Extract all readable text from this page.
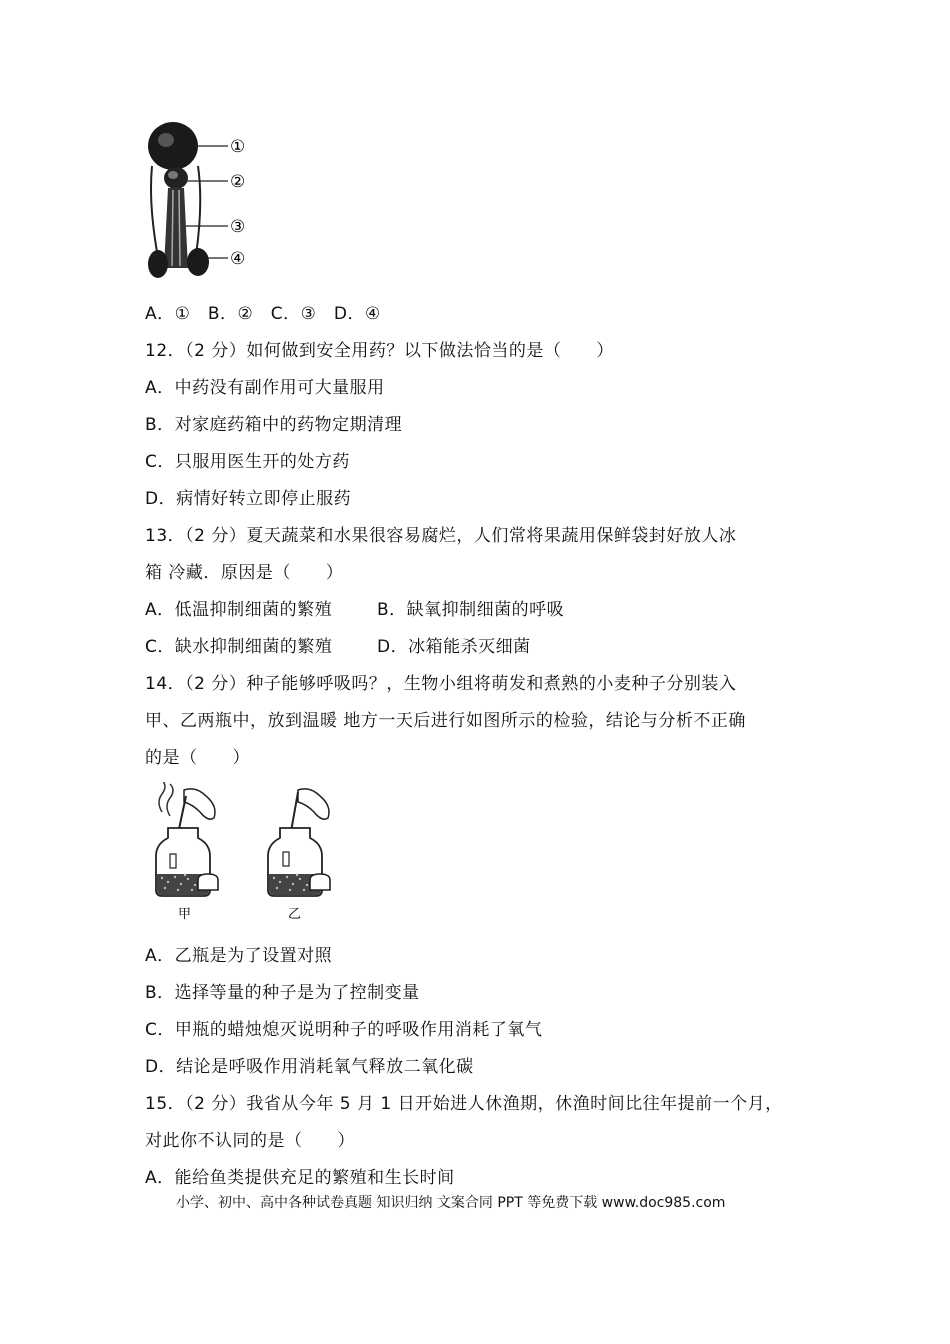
①
②
③
④
A．①　B．②　C．③　D．④
12．（2 分）如何做到安全用药？以下做法恰当的是（　　）
A．中药没有副作用可大量服用
B．对家庭药箱中的药物定期清理
C．只服用医生开的处方药
D．病情好转立即停止服药
13．（2 分）夏天蔬菜和水果很容易腐烂，人们常将果蔬用保鲜袋封好放人冰
箱 冷藏．原因是（　　）
A．低温抑制细菌的繁殖	B．缺氧抑制细菌的呼吸
C．缺水抑制细菌的繁殖	D．冰箱能杀灭细菌
14．（2 分）种子能够呼吸吗？，生物小组将萌发和煮熟的小麦种子分别装入
甲、乙两瓶中，放到温暖 地方一天后进行如图所示的检验，结论与分析不正确
的是（　　）
甲	乙
A．乙瓶是为了设置对照
B．选择等量的种子是为了控制变量
C．甲瓶的蜡烛熄灭说明种子的呼吸作用消耗了氧气
D．结论是呼吸作用消耗氧气释放二氧化碳
15．（2 分）我省从今年 5 月 1 日开始进人休渔期，休渔时间比往年提前一个月，
对此你不认同的是（　　）
A．能给鱼类提供充足的繁殖和生长时间
小学、初中、高中各种试卷真题 知识归纳 文案合同 PPT 等免费下载 www.doc985.com
